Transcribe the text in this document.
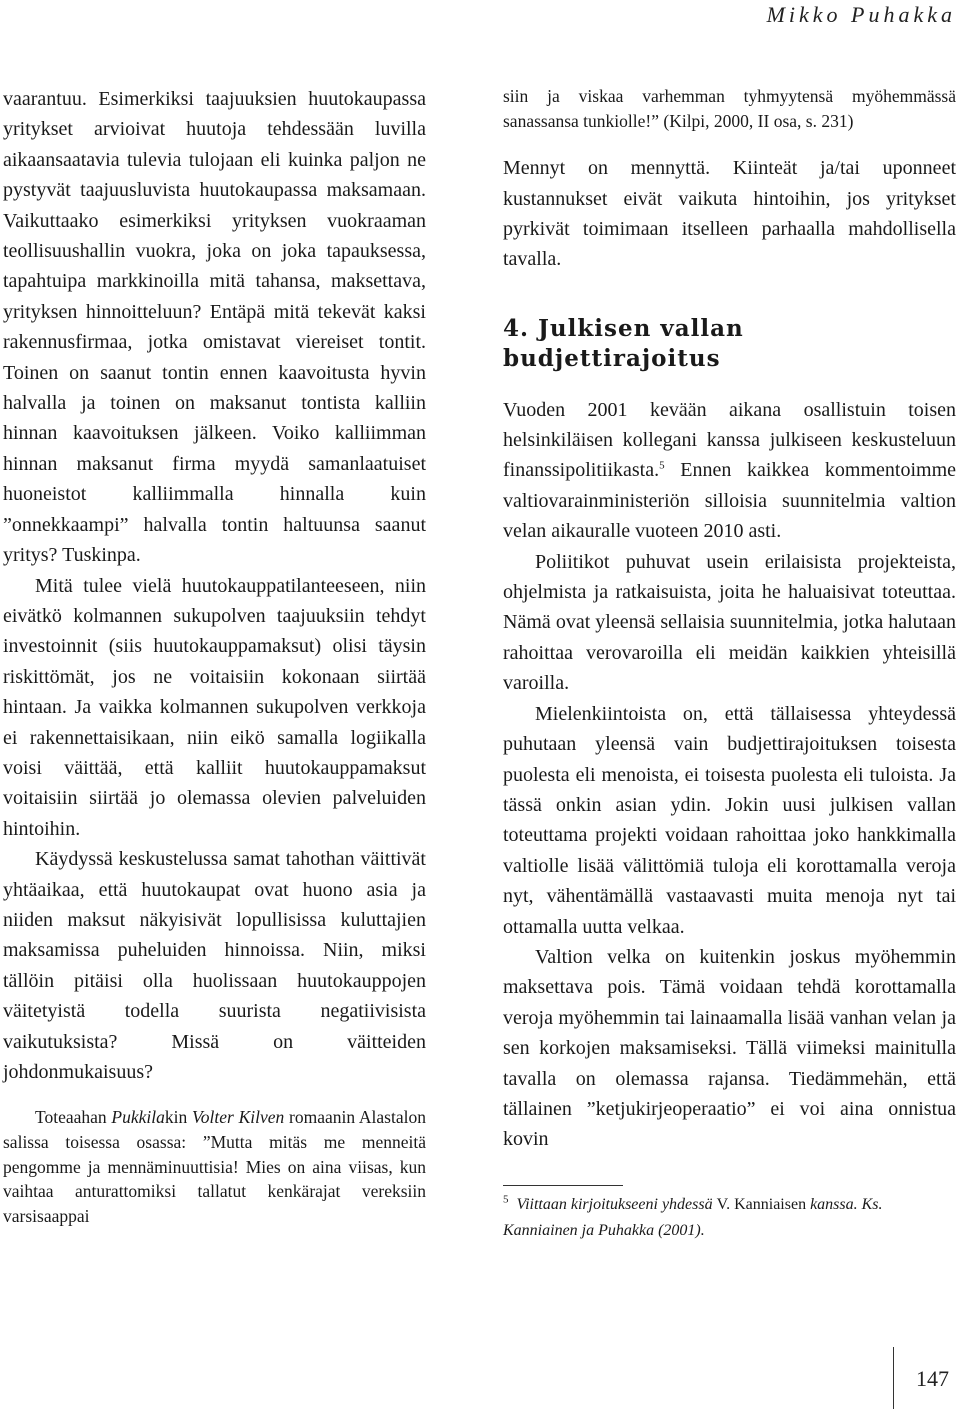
Mikko Puhakka

vaarantuu. Esimerkiksi taajuuksien huutokaupassa yritykset arvioivat huutoja tehdessään luvilla aikaansaatavia tulevia tulojaan eli kuinka paljon ne pystyvät taajuusluvista huutokaupassa maksamaan. Vaikuttaako esimerkiksi yrityksen vuokraaman teollisuushallin vuokra, joka on joka tapauksessa, tapahtuipa markkinoilla mitä tahansa, maksettava, yrityksen hinnoitteluun? Entäpä mitä tekevät kaksi rakennusfirmaa, jotka omistavat viereiset tontit. Toinen on saanut tontin ennen kaavoitusta hyvin halvalla ja toinen on maksanut tontista kalliin hinnan kaavoituksen jälkeen. Voiko kalliimman hinnan maksanut firma myydä samanlaatuiset huoneistot kalliimmalla hinnalla kuin ”onnekkaampi” halvalla tontin haltuunsa saanut yritys? Tuskinpa.

Mitä tulee vielä huutokauppatilanteeseen, niin eivätkö kolmannen sukupolven taajuuksiin tehdyt investoinnit (siis huutokauppamaksut) olisi täysin riskittömät, jos ne voitaisiin kokonaan siirtää hintaan. Ja vaikka kolmannen sukupolven verkkoja ei rakennettaisikaan, niin eikö samalla logiikalla voisi väittää, että kalliit huutokauppamaksut voitaisiin siirtää jo olemassa olevien palveluiden hintoihin.

Käydyssä keskustelussa samat tahothan väittivät yhtäaikaa, että huutokaupat ovat huono asia ja niiden maksut näkyisivät lopullisissa kuluttajien maksamissa puheluiden hinnoissa. Niin, miksi tällöin pitäisi olla huolissaan huutokauppojen väitetyistä todella suurista negatiivisista vaikutuksista? Missä on väitteiden johdonmukaisuus?

Toteaahan Pukkilakin Volter Kilven romaanin Alastalon salissa toisessa osassa: ”Mutta mitäs me menneitä pengomme ja mennäminuuttisia! Mies on aina viisas, kun vaihtaa anturattomiksi tallatut kenkärajat vereksiin varsisaappai

siin ja viskaa varhemman tyhmyytensä myöhemmässä sanassansa tunkiolle!” (Kilpi, 2000, II osa, s. 231)

Mennyt on mennyttä. Kiinteät ja/tai uponneet kustannukset eivät vaikuta hintoihin, jos yritykset pyrkivät toimimaan itselleen parhaalla mahdollisella tavalla.

4. Julkisen vallan budjettirajoitus

Vuoden 2001 kevään aikana osallistuin toisen helsinkiläisen kollegani kanssa julkiseen keskusteluun finanssipolitiikasta.$^5$ Ennen kaikkea kommentoimme valtiovarainministeriön silloisia suunnitelmia valtion velan aikauralle vuoteen 2010 asti.

Poliitikot puhuvat usein erilaisista projekteista, ohjelmista ja ratkaisuista, joita he haluaisivat toteuttaa. Nämä ovat yleensä sellaisia suunnitelmia, jotka halutaan rahoittaa verovaroilla eli meidän kaikkien yhteisillä varoilla.

Mielenkiintoista on, että tällaisessa yhteydessä puhutaan yleensä vain budjettirajoituksen toisesta puolesta eli menoista, ei toisesta puolesta eli tuloista. Ja tässä onkin asian ydin. Jokin uusi julkisen vallan toteuttama projekti voidaan rahoittaa joko hankkimalla valtiolle lisää välittömiä tuloja eli korottamalla veroja nyt, vähentämällä vastaavasti muita menoja nyt tai ottamalla uutta velkaa.

Valtion velka on kuitenkin joskus myöhemmin maksettava pois. Tämä voidaan tehdä korottamalla veroja myöhemmin tai lainaamalla lisää vanhan velan ja sen korkojen maksamiseksi. Tällä viimeksi mainitulla tavalla on olemassa rajansa. Tiedämmehän, että tällainen ”ketjukirjeoperaatio” ei voi aina onnistua kovin

$^5$ Viittaan kirjoitukseeni yhdessä V. Kanniaisen kanssa. Ks. Kanniainen ja Puhakka (2001).

147
